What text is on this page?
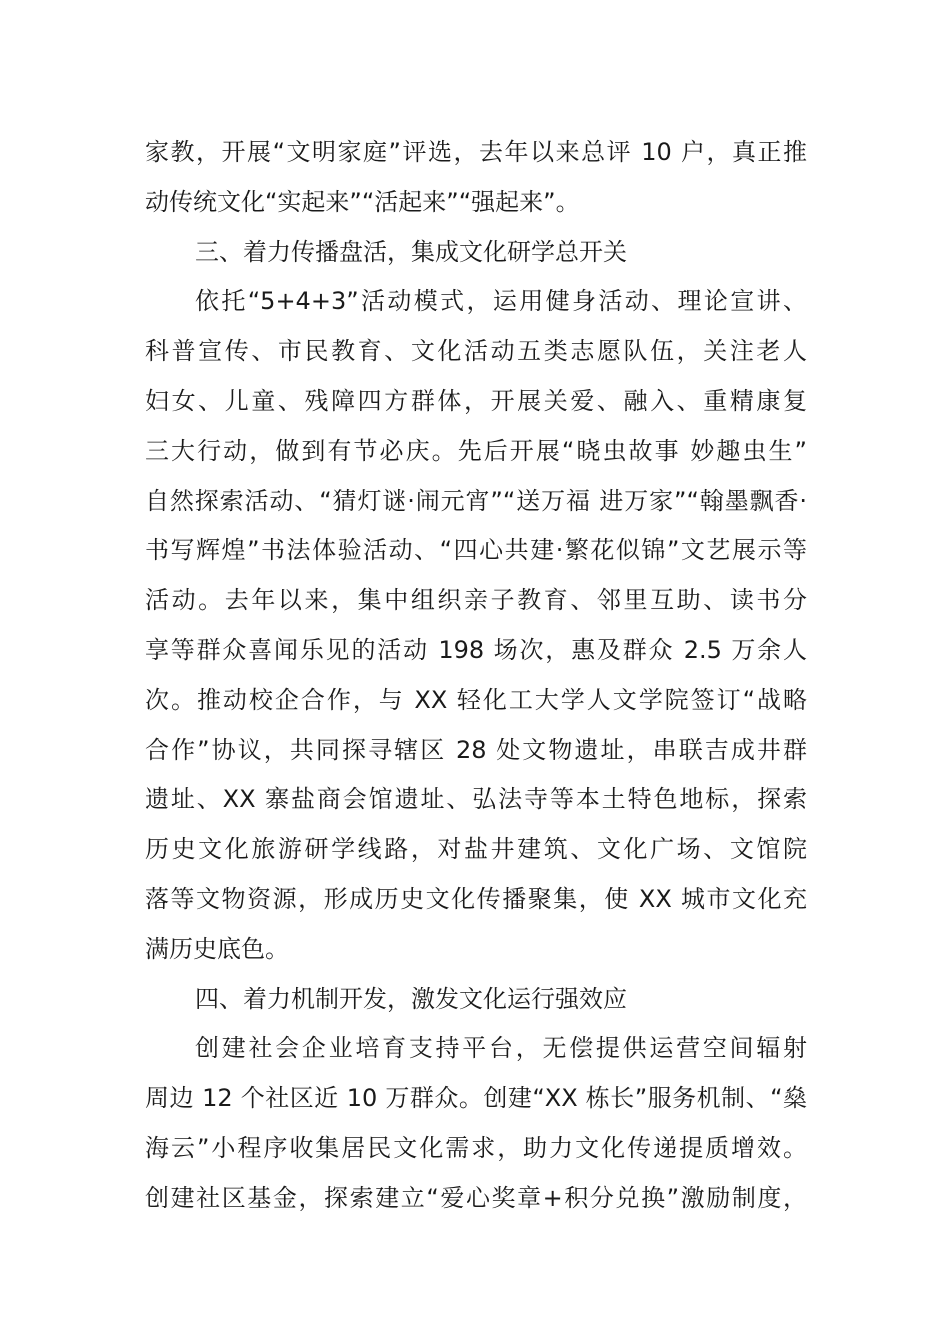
家教，开展“文明家庭”评选，去年以来总评 10 户，真正推
动传统文化“实起来”“活起来”“强起来”。
三、着力传播盘活，集成文化研学总开关
依托“5+4+3”活动模式，运用健身活动、理论宣讲、
科普宣传、市民教育、文化活动五类志愿队伍，关注老人
妇女、儿童、残障四方群体，开展关爱、融入、重精康复
三大行动，做到有节必庆。先后开展“晓虫故事 妙趣虫生”
自然探索活动、“猜灯谜·闹元宵”“送万福 进万家”“翰墨飘香·
书写辉煌”书法体验活动、“四心共建·繁花似锦”文艺展示等
活动。去年以来，集中组织亲子教育、邻里互助、读书分
享等群众喜闻乐见的活动 198 场次，惠及群众 2.5 万余人
次。推动校企合作，与 XX 轻化工大学人文学院签订“战略
合作”协议，共同探寻辖区 28 处文物遗址，串联吉成井群
遗址、XX 寨盐商会馆遗址、弘法寺等本土特色地标，探索
历史文化旅游研学线路，对盐井建筑、文化广场、文馆院
落等文物资源，形成历史文化传播聚集，使 XX 城市文化充
满历史底色。
四、着力机制开发，激发文化运行强效应
创建社会企业培育支持平台，无偿提供运营空间辐射
周边 12 个社区近 10 万群众。创建“XX 栋长”服务机制、“燊
海云”小程序收集居民文化需求，助力文化传递提质增效。
创建社区基金，探索建立“爱心奖章+积分兑换”激励制度，
